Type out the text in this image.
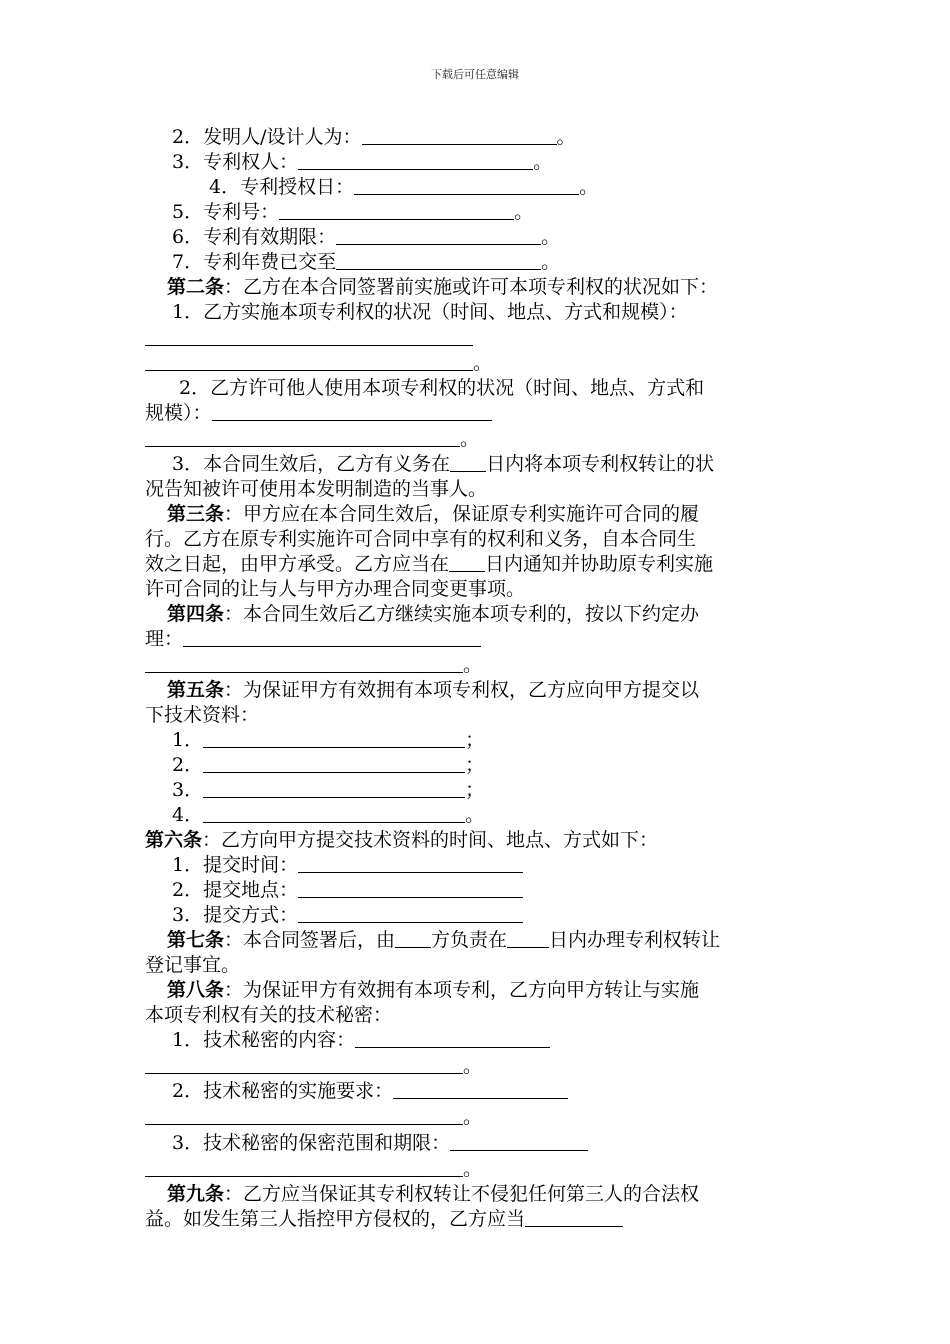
下载后可任意编辑
2．发明人/设计人为：	。
3．专利权人：	。
4．专利授权日：	。
5．专利号：	。
6．专利有效期限：	。
7．专利年费已交至	。
第二条：乙方在本合同签署前实施或许可本项专利权的状况如下：
1．乙方实施本项专利权的状况（时间、地点、方式和规模）：
。
2．乙方许可他人使用本项专利权的状况（时间、地点、方式和
规模）：
。
3．本合同生效后，乙方有义务在 日内将本项专利权转让的状
况告知被许可使用本发明制造的当事人。
第三条：甲方应在本合同生效后，保证原专利实施许可合同的履
行。乙方在原专利实施许可合同中享有的权利和义务，自本合同生
效之日起，由甲方承受。乙方应当在 日内通知并协助原专利实施
许可合同的让与人与甲方办理合同变更事项。
第四条：本合同生效后乙方继续实施本项专利的，按以下约定办
理：
。
第五条：为保证甲方有效拥有本项专利权，乙方应向甲方提交以
下技术资料：
1．	；
2．	；
3．	；
4．	。
第六条：乙方向甲方提交技术资料的时间、地点、方式如下：
1．提交时间：
2．提交地点：
3．提交方式：
第七条：本合同签署后，由 方负责在 日内办理专利权转让
登记事宜。
第八条：为保证甲方有效拥有本项专利，乙方向甲方转让与实施
本项专利权有关的技术秘密：
1．技术秘密的内容：
。
2．技术秘密的实施要求：
。
3．技术秘密的保密范围和期限：
。
第九条：乙方应当保证其专利权转让不侵犯任何第三人的合法权
益。如发生第三人指控甲方侵权的，乙方应当
